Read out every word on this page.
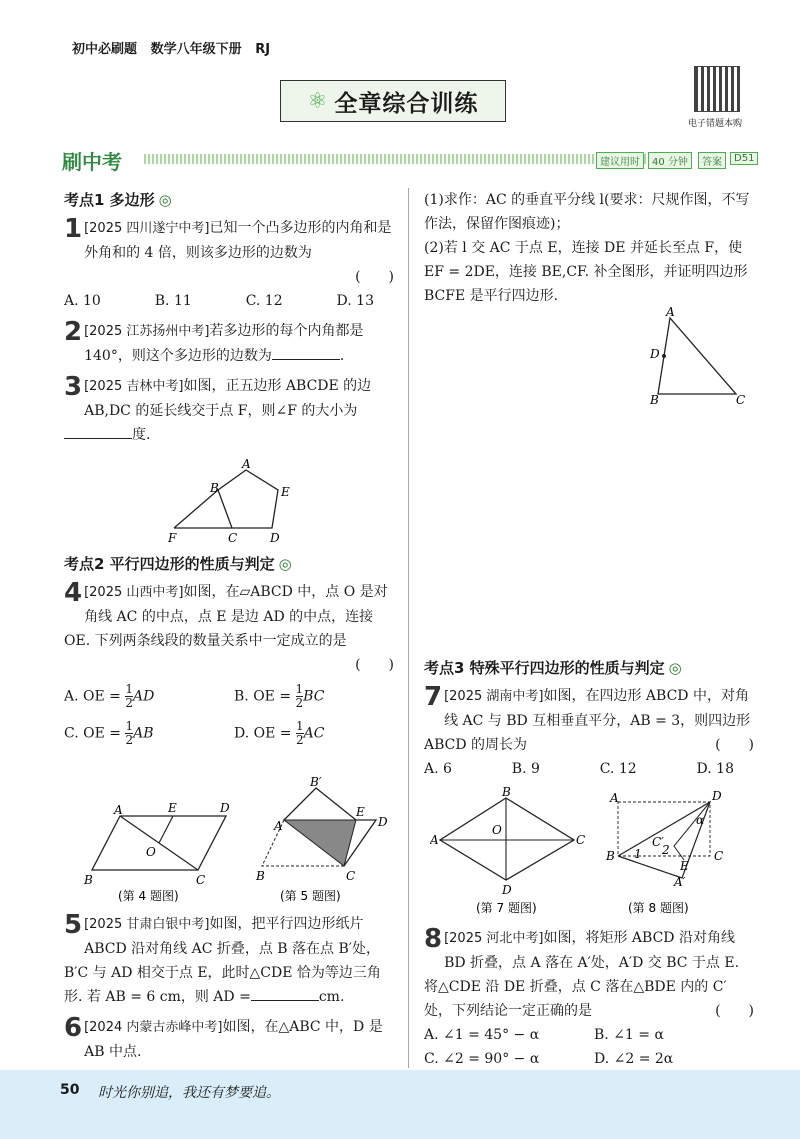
初中必刷题 数学八年级下册 RJ
⚛ 全章综合训练
电子错题本购
刷中考	建议用时	40 分钟	答案	D51
考点1 多边形 ◎
1 [2025 四川遂宁中考]已知一个凸多边形的内角和是外角和的 4 倍，则该多边形的边数为
(　　)
A. 10	B. 11	C. 12	D. 13
2 [2025 江苏扬州中考]若多边形的每个内角都是 140°，则这个多边形的边数为	.
3 [2025 吉林中考]如图，正五边形 ABCDE 的边 AB,DC 的延长线交于点 F，则∠F 的大小为
度.
A
B
C	D
E
F
考点2 平行四边形的性质与判定 ◎
4 [2025 山西中考]如图，在▱ABCD 中，点 O 是对角线 AC 的中点，点 E 是边 AD 的中点，连接 OE. 下列两条线段的数量关系中一定成立的是
(　　)
A. OE = $\frac{1}{2}$ AD	B. OE = $\frac{1}{2}$ BC
C. OE = $\frac{1}{2}$ AB	D. OE = $\frac{1}{2}$ AC
A	E	D
O
B	C
A
B′
E
D
B	C
(第 4 题图)	(第 5 题图)
5 [2025 甘肃白银中考]如图，把平行四边形纸片 ABCD 沿对角线 AC 折叠，点 B 落在点 B′处，B′C 与 AD 相交于点 E，此时△CDE 恰为等边三角形. 若 AB = 6 cm，则 AD =	cm.
6 [2024 内蒙古赤峰中考]如图，在△ABC 中，D 是 AB 中点.
(1)求作：AC 的垂直平分线 l(要求：尺规作图，不写作法，保留作图痕迹)；
(2)若 l 交 AC 于点 E，连接 DE 并延长至点 F，使 EF = 2DE，连接 BE,CF. 补全图形，并证明四边形 BCFE 是平行四边形.
A
D
B	C
考点3 特殊平行四边形的性质与判定 ◎
7 [2025 湖南中考]如图，在四边形 ABCD 中，对角线 AC 与 BD 互相垂直平分，AB = 3，则四边形 ABCD 的周长为	(　　)
A. 6	B. 9	C. 12	D. 18
B
A	C
O
D
A	D
B	C
C′
E
A′
1 2
α
(第 7 题图)	(第 8 题图)
8 [2025 河北中考]如图，将矩形 ABCD 沿对角线 BD 折叠，点 A 落在 A′处，A′D 交 BC 于点 E. 将△CDE 沿 DE 折叠，点 C 落在△BDE 内的 C′处，下列结论一定正确的是	(　　)
A. ∠1 = 45° − α	B. ∠1 = α
C. ∠2 = 90° − α	D. ∠2 = 2α
50 时光你别追，我还有梦要追。
